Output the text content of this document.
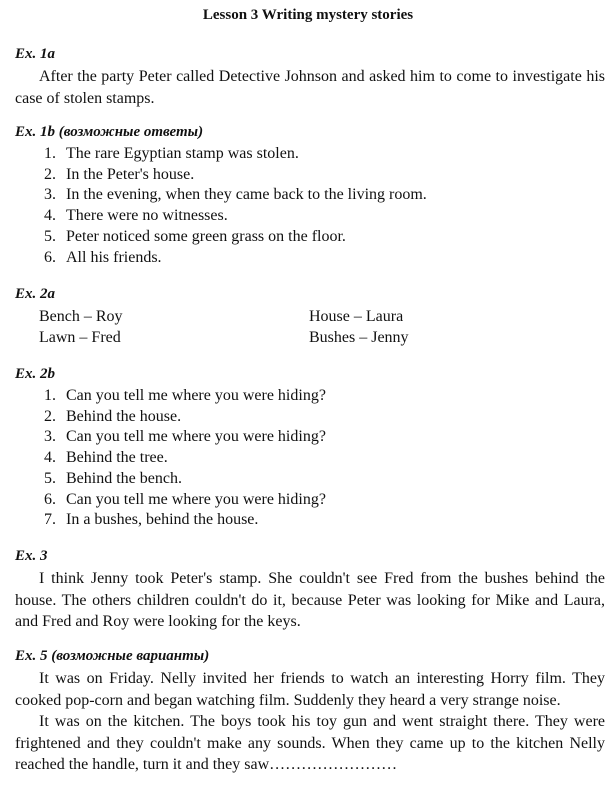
Lesson 3 Writing mystery stories
Ex. 1a
After the party Peter called Detective Johnson and asked him to come to investigate his case of stolen stamps.
Ex. 1b (возможные ответы)
1. The rare Egyptian stamp was stolen.
2. In the Peter's house.
3. In the evening, when they came back to the living room.
4. There were no witnesses.
5. Peter noticed some green grass on the floor.
6. All his friends.
Ex. 2a
Bench – Roy	House – Laura
Lawn – Fred	Bushes – Jenny
Ex. 2b
1. Can you tell me where you were hiding?
2. Behind the house.
3. Can you tell me where you were hiding?
4. Behind the tree.
5. Behind the bench.
6. Can you tell me where you were hiding?
7. In a bushes, behind the house.
Ex. 3
I think Jenny took Peter's stamp. She couldn't see Fred from the bushes behind the house. The others children couldn't do it, because Peter was looking for Mike and Laura, and Fred and Roy were looking for the keys.
Ex. 5 (возможные варианты)
It was on Friday. Nelly invited her friends to watch an interesting Horry film. They cooked pop-corn and began watching film. Suddenly they heard a very strange noise.
It was on the kitchen. The boys took his toy gun and went straight there. They were frightened and they couldn't make any sounds. When they came up to the kitchen Nelly reached the handle, turn it and they saw……………………
